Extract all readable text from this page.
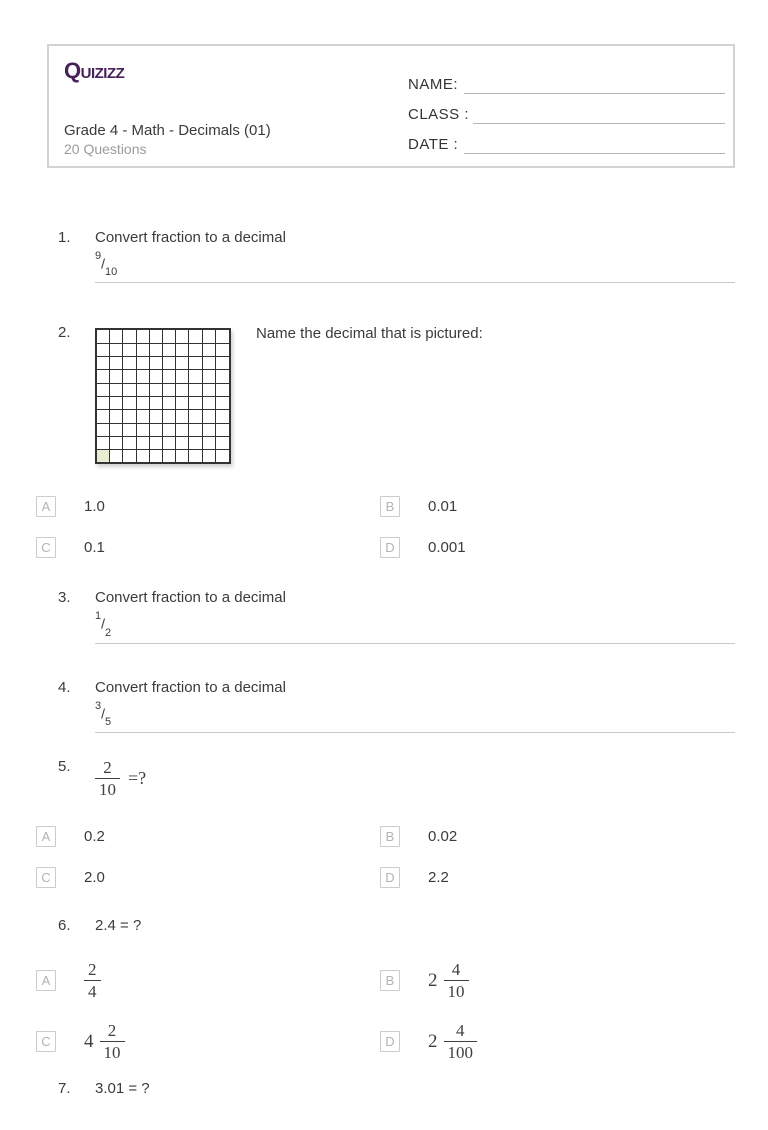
Quizizz
Grade 4 - Math - Decimals (01)
20 Questions
NAME:
CLASS :
DATE :
1.	Convert fraction to a decimal
$^9/_{10}$
2.	Name the decimal that is pictured:
A	1.0	B	0.01
C	0.1	D	0.001
3.	Convert fraction to a decimal
$^1/_2$
4.	Convert fraction to a decimal
$^3/_5$
5.	$\frac{2}{10}$ =?
A	0.2	B	0.02
C	2.0	D	2.2
6.	2.4 = ?
A	$\frac{2}{4}$	B $2 \frac{4}{10}$
C $4 \frac{2}{10}$	D $2 \frac{4}{100}$
7.	3.01 = ?
